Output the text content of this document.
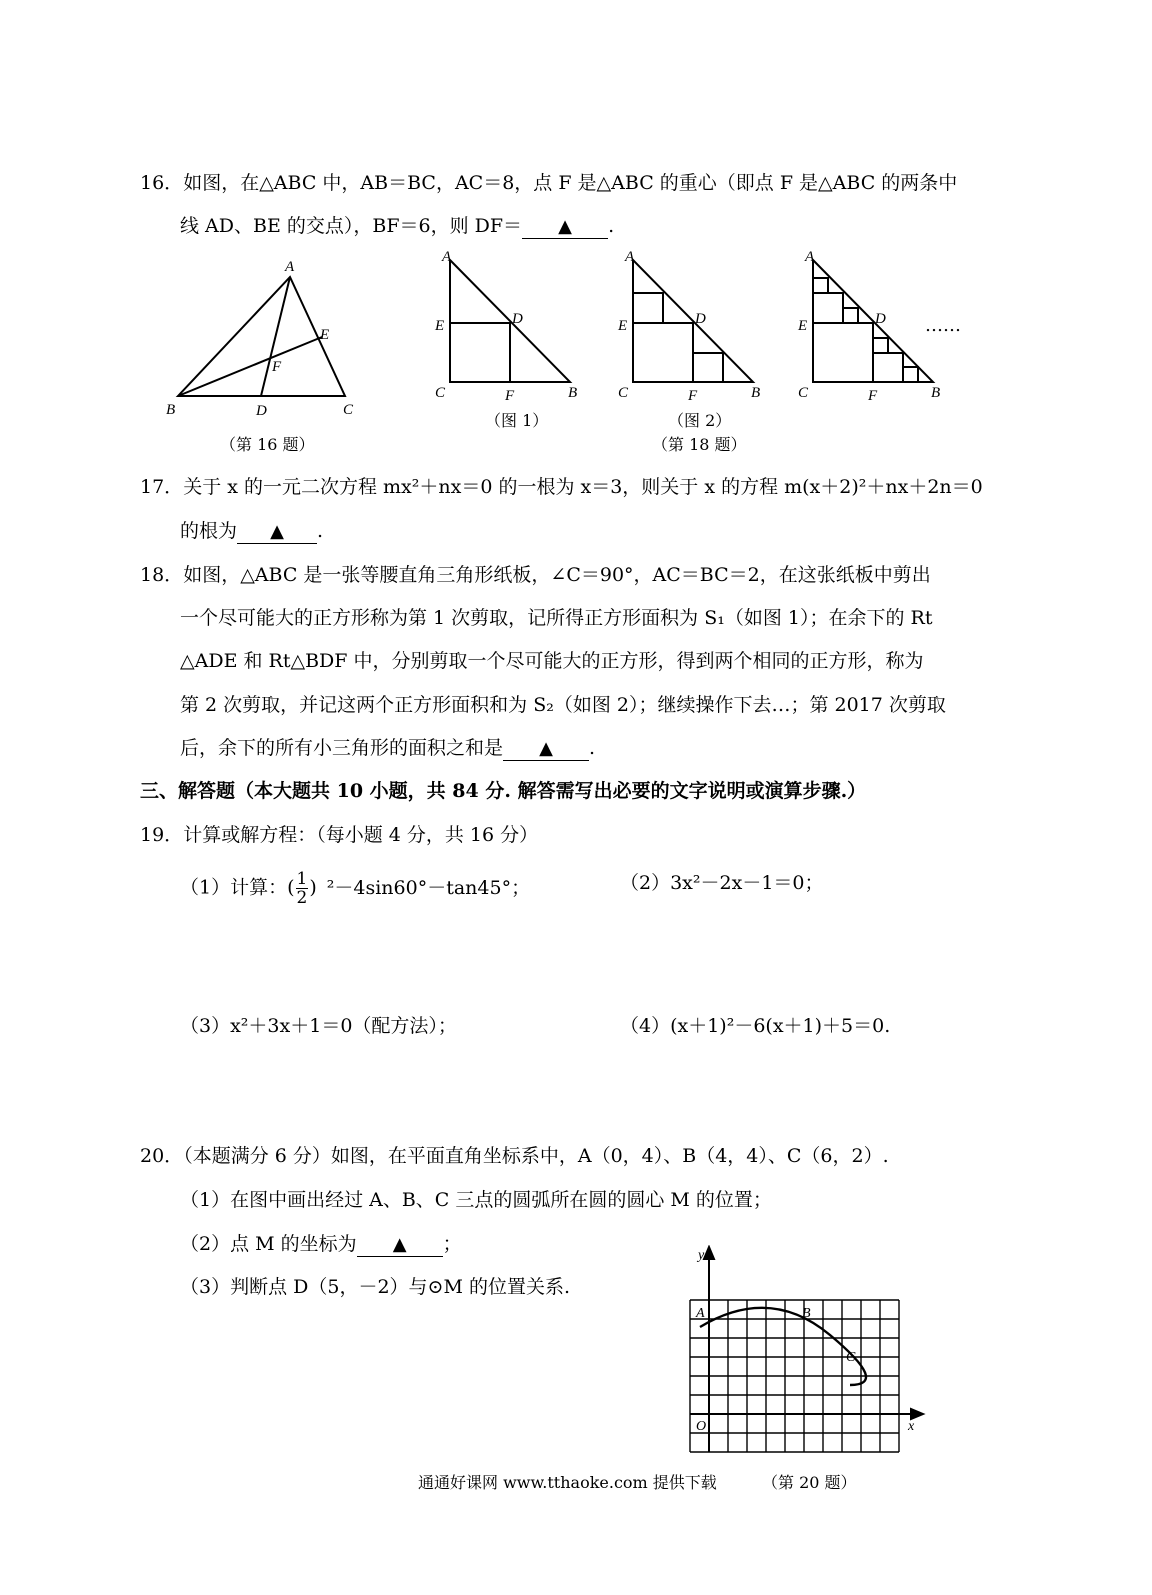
16．如图，在△ABC 中，AB＝BC，AC＝8，点 F 是△ABC 的重心（即点 F 是△ABC 的两条中
线 AD、BE 的交点），BF＝6，则 DF＝ ▲ .
A
B	C
D
E
F
（第 16 题）
A
E	D
C	F	B
（图 1）
A
E	D
C	F	B
（图 2）
（第 18 题）
A
E	D
C	F	B
……
17．关于 x 的一元二次方程 mx²＋nx＝0 的一根为 x＝3，则关于 x 的方程 m(x＋2)²＋nx＋2n＝0
的根为 ▲ .
18．如图，△ABC 是一张等腰直角三角形纸板，∠C＝90°，AC＝BC＝2，在这张纸板中剪出
一个尽可能大的正方形称为第 1 次剪取，记所得正方形面积为 S₁（如图 1）；在余下的 Rt
△ADE 和 Rt△BDF 中，分别剪取一个尽可能大的正方形，得到两个相同的正方形，称为
第 2 次剪取，并记这两个正方形面积和为 S₂（如图 2）；继续操作下去…；第 2017 次剪取
后，余下的所有小三角形的面积之和是 ▲ .
三、解答题（本大题共 10 小题，共 84 分. 解答需写出必要的文字说明或演算步骤.）
19．计算或解方程：（每小题 4 分，共 16 分）
（1）计算：( $\frac{1}{2}$ ) ²－4sin60°－tan45°；	（2）3x²－2x－1＝0；
（3）x²＋3x＋1＝0（配方法）；	（4）(x＋1)²－6(x＋1)＋5＝0.
20．（本题满分 6 分）如图，在平面直角坐标系中，A（0，4）、B（4，4）、C（6，2）.
（1）在图中画出经过 A、B、C 三点的圆弧所在圆的圆心 M 的位置；
（2）点 M 的坐标为 ▲ ；
（3）判断点 D（5，－2）与⊙M 的位置关系.
y
x
O
A	B
C
通通好课网 www.tthaoke.com 提供下载	（第 20 题）
